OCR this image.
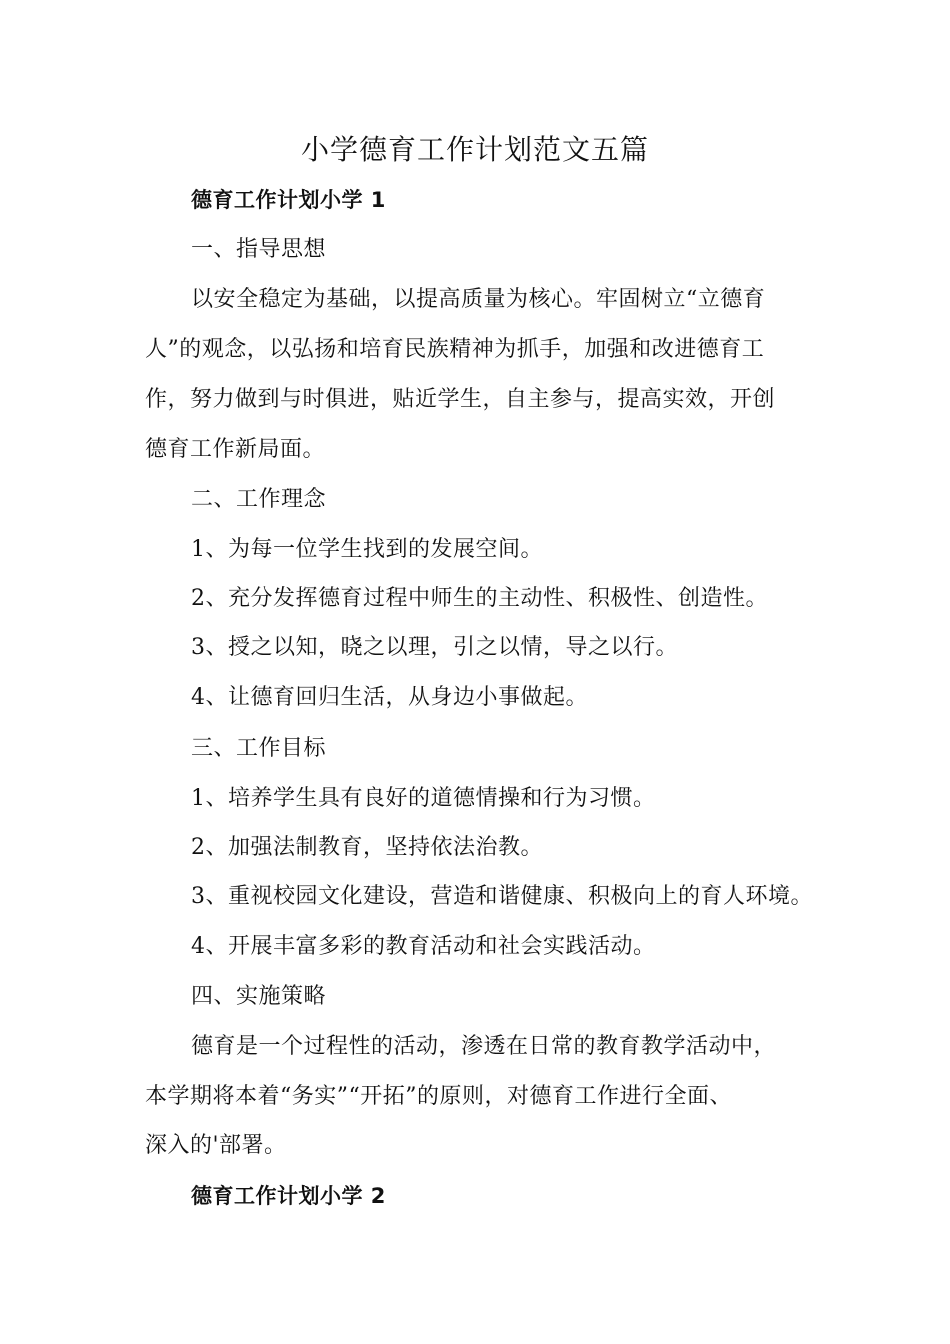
小学德育工作计划范文五篇
德育工作计划小学 1
一、指导思想
以安全稳定为基础，以提高质量为核心。牢固树立“立德育
人”的观念，以弘扬和培育民族精神为抓手，加强和改进德育工
作，努力做到与时俱进，贴近学生，自主参与，提高实效，开创
德育工作新局面。
二、工作理念
1、为每一位学生找到的发展空间。
2、充分发挥德育过程中师生的主动性、积极性、创造性。
3、授之以知，晓之以理，引之以情，导之以行。
4、让德育回归生活，从身边小事做起。
三、工作目标
1、培养学生具有良好的道德情操和行为习惯。
2、加强法制教育，坚持依法治教。
3、重视校园文化建设，营造和谐健康、积极向上的育人环境。
4、开展丰富多彩的教育活动和社会实践活动。
四、实施策略
德育是一个过程性的活动，渗透在日常的教育教学活动中，
本学期将本着“务实”“开拓”的原则，对德育工作进行全面、
深入的'部署。
德育工作计划小学 2
